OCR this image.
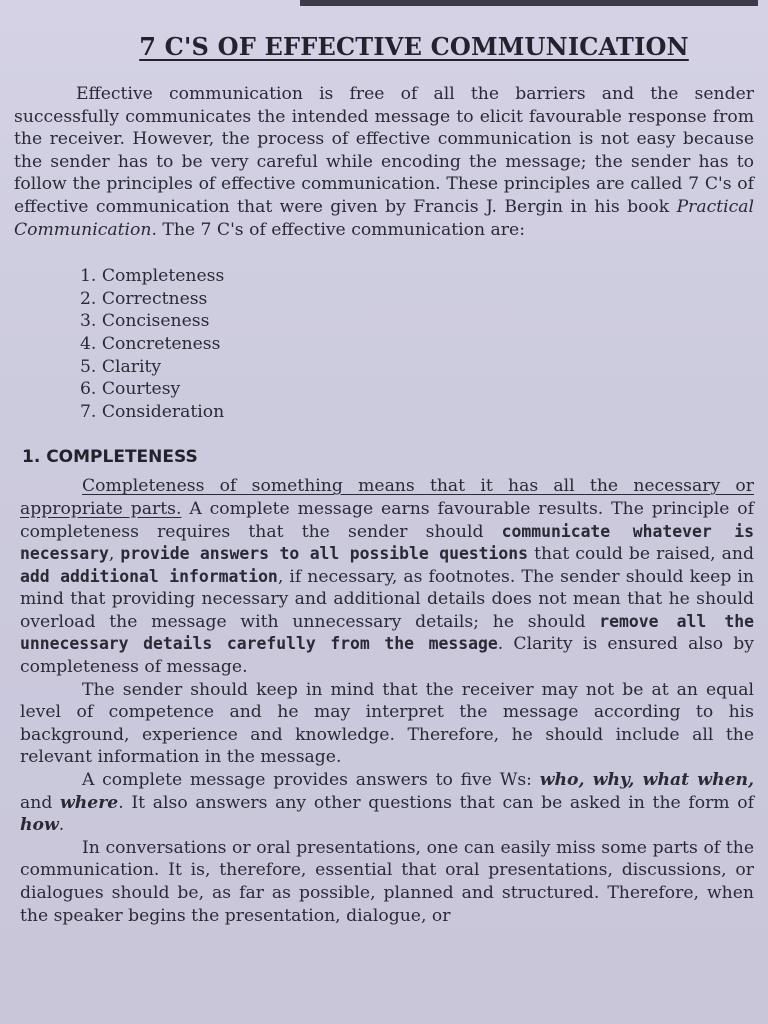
7 C'S OF EFFECTIVE COMMUNICATION

Effective communication is free of all the barriers and the sender successfully communicates the intended message to elicit favourable response from the receiver. However, the process of effective communication is not easy because the sender has to be very careful while encoding the message; the sender has to follow the principles of effective communication. These principles are called 7 C's of effective communication that were given by Francis J. Bergin in his book Practical Communication. The 7 C's of effective communication are:

1. Completeness
2. Correctness
3. Conciseness
4. Concreteness
5. Clarity
6. Courtesy
7. Consideration
1. COMPLETENESS

Completeness of something means that it has all the necessary or appropriate parts. A complete message earns favourable results. The principle of completeness requires that the sender should communicate whatever is necessary, provide answers to all possible questions that could be raised, and add additional information, if necessary, as footnotes. The sender should keep in mind that providing necessary and additional details does not mean that he should overload the message with unnecessary details; he should remove all the unnecessary details carefully from the message. Clarity is ensured also by completeness of message.

The sender should keep in mind that the receiver may not be at an equal level of competence and he may interpret the message according to his background, experience and knowledge. Therefore, he should include all the relevant information in the message.

A complete message provides answers to five Ws: who, why, what when, and where. It also answers any other questions that can be asked in the form of how.

In conversations or oral presentations, one can easily miss some parts of the communication. It is, therefore, essential that oral presentations, discussions, or dialogues should be, as far as possible, planned and structured. Therefore, when the speaker begins the presentation, dialogue, or
